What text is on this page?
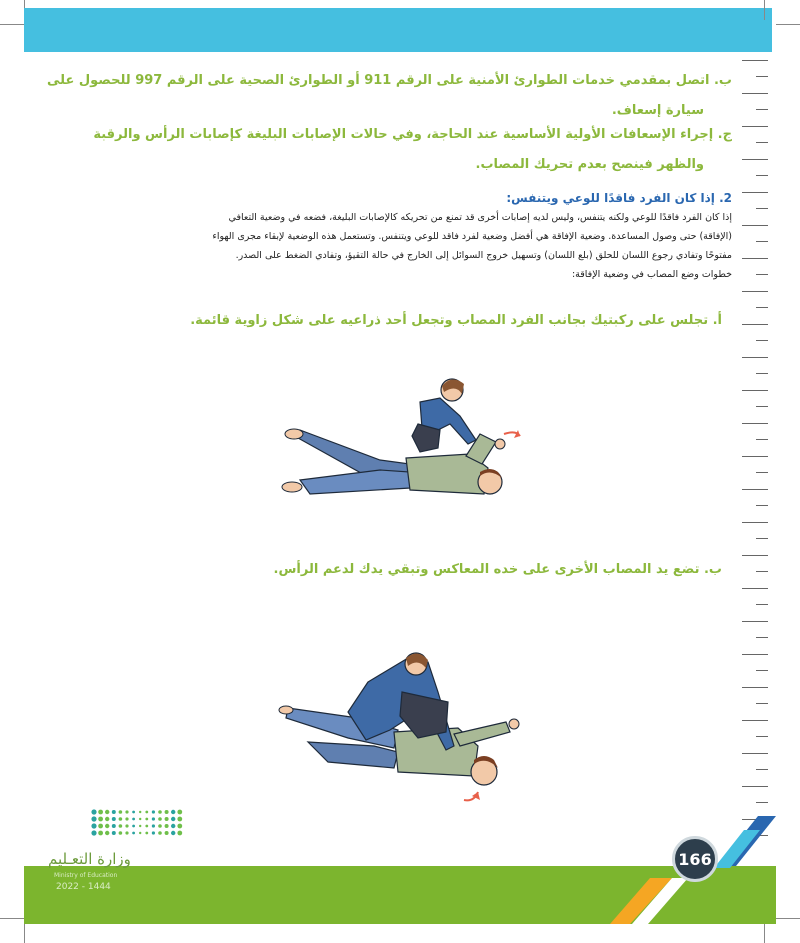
ب. اتصل بمقدمي خدمات الطوارئ الأمنية على الرقم 911 أو الطوارئ الصحية على الرقم 997 للحصول على
سيارة إسعاف.
ج. إجراء الإسعافات الأولية الأساسية عند الحاجة، وفي حالات الإصابات البليغة كإصابات الرأس والرقبة
والظهر فينصح بعدم تحريك المصاب.
2. إذا كان الفرد فاقدًا للوعي ويتنفس:
إذا كان الفرد فاقدًا للوعي ولكنه يتنفس، وليس لديه إصابات أخرى قد تمنع من تحريكه كالإصابات البليغة، فضعه في وضعية التعافي
(الإفاقة) حتى وصول المساعدة. وضعية الإفاقة هي أفضل وضعية لفرد فاقد للوعي ويتنفس. وتستعمل هذه الوضعية لإبقاء مجرى الهواء
مفتوحًا وتفادي رجوع اللسان للحلق (بلع اللسان) وتسهيل خروج السوائل إلى الخارج في حالة التقيؤ، وتفادي الضغط على الصدر.
خطوات وضع المصاب في وضعية الإفاقة:
أ. تجلس على ركبتيك بجانب الفرد المصاب وتجعل أحد ذراعيه على شكل زاوية قائمة.
ب. تضع يد المصاب الأخرى على خده المعاكس وتبقي يدك لدعم الرأس.
166
وزارة التعـليم
Ministry of Education
2022 - 1444
